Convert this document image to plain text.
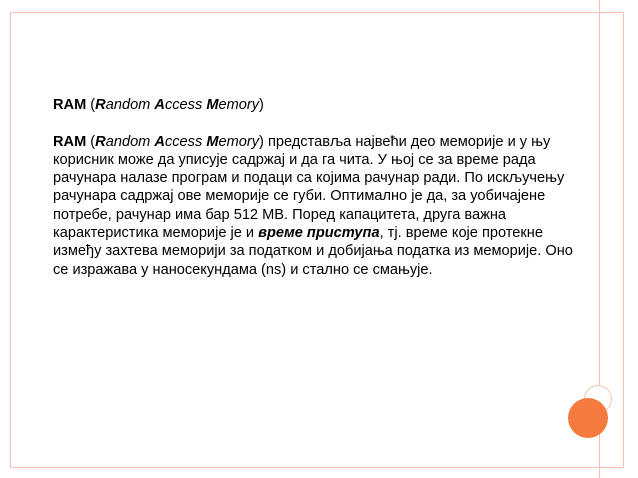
RAM (Random Access Memory)

RAM (Random Access Memory) представља највећи део меморије и у њу корисник може да уписује садржај и да га чита. У њој се за време рада рачунара налазе програм и подаци са којима рачунар ради. По искључењу рачунара садржај ове меморије се губи. Оптимално је да, за уобичајене потребе, рачунар има бар 512 MB. Поред капацитета, друга важна карактеристика меморије је и време приступа, тј. време које протекне између захтева меморији за податком и добијања податка из меморије. Оно се изражава у наносекундама (ns) и стално се смањује.
